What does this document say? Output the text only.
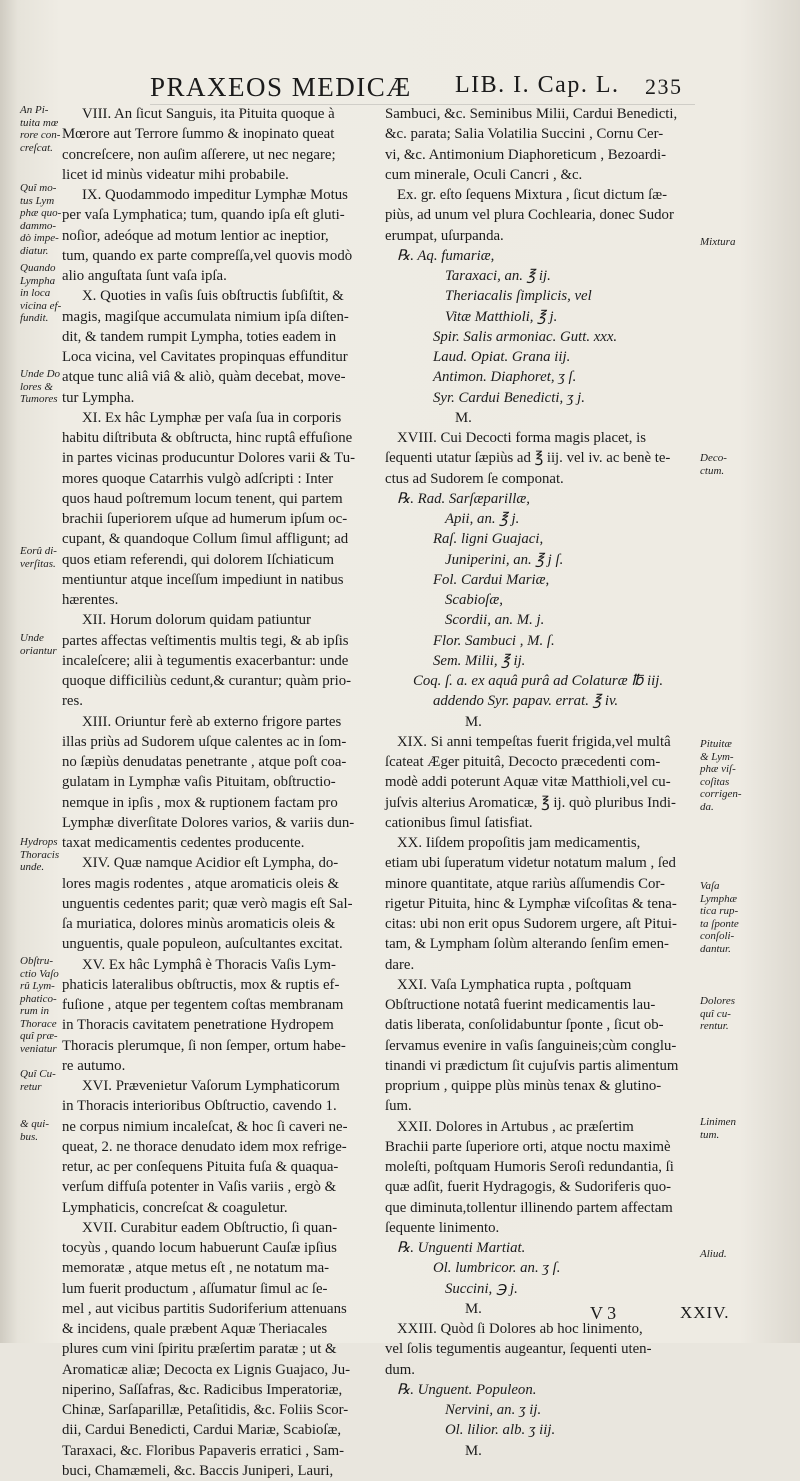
PRAXEOS MEDICÆ LIB. I. Cap. L. 235
An Pi-
tuita mœ
rore con-
creſcat.
Quî mo-
tus Lym
phæ quo-
dammo-
dò impe-
diatur.
Quando
Lympha
in loca
vicina ef-
fundit.
Unde Do
lores &
Tumores
Eorû di-
verſitas.
Unde
oriantur
Hydrops
Thoracis
unde.
Obſtru-
ctio Vaſo
rû Lym-
phatico-
rum in
Thorace
quî præ-
veniatur
Quî Cu-
retur
& qui-
bus.
VIII. An ſicut Sanguis, ita Pituita quoque à
Mœrore aut Terrore ſummo & inopinato queat
concreſcere, non auſim aſſerere, ut nec negare;
licet id minùs videatur mihi probabile.
IX. Quodammodo impeditur Lymphæ Motus
per vaſa Lymphatica; tum, quando ipſa eſt gluti-
noſior, adeóque ad motum lentior ac ineptior,
tum, quando ex parte compreſſa,vel quovis modò
alio anguſtata ſunt vaſa ipſa.
X. Quoties in vaſis ſuis obſtructis ſubſiſtit, &
magis, magiſque accumulata nimium ipſa diſten-
dit, & tandem rumpit Lympha, toties eadem in
Loca vicina, vel Cavitates propinquas effunditur
atque tunc aliâ viâ & aliò, quàm decebat, move-
tur Lympha.
XI. Ex hâc Lymphæ per vaſa ſua in corporis
habitu diſtributa & obſtructa, hinc ruptâ effuſione
in partes vicinas producuntur Dolores varii & Tu-
mores quoque Catarrhis vulgò adſcripti : Inter
quos haud poſtremum locum tenent, qui partem
brachii ſuperiorem uſque ad humerum ipſum oc-
cupant, & quandoque Collum ſimul affligunt; ad
quos etiam referendi, qui dolorem Iſchiaticum
mentiuntur atque inceſſum impediunt in natibus
hærentes.
XII. Horum dolorum quidam patiuntur
partes affectas veſtimentis multis tegi, & ab ipſis
incaleſcere; alii à tegumentis exacerbantur: unde
quoque difficiliùs cedunt,& curantur; quàm prio-
res.
XIII. Oriuntur ferè ab externo frigore partes
illas priùs ad Sudorem uſque calentes ac in ſom-
no ſæpiùs denudatas penetrante , atque poſt coa-
gulatam in Lymphæ vaſis Pituitam, obſtructio-
nemque in ipſis , mox & ruptionem factam pro
Lymphæ diverſitate Dolores varios, & variis dun-
taxat medicamentis cedentes producente.
XIV. Quæ namque Acidior eſt Lympha, do-
lores magis rodentes , atque aromaticis oleis &
unguentis cedentes parit; quæ verò magis eſt Sal-
ſa muriatica, dolores minùs aromaticis oleis &
unguentis, quale populeon, auſcultantes excitat.
XV. Ex hâc Lymphâ è Thoracis Vaſis Lym-
phaticis lateralibus obſtructis, mox & ruptis ef-
fuſione , atque per tegentem coſtas membranam
in Thoracis cavitatem penetratione Hydropem
Thoracis plerumque, ſi non ſemper, ortum habe-
re autumo.
XVI. Prævenietur Vaſorum Lymphaticorum
in Thoracis interioribus Obſtructio, cavendo 1.
ne corpus nimium incaleſcat, & hoc ſi caveri ne-
queat, 2. ne thorace denudato idem mox refrige-
retur, ac per conſequens Pituita fuſa & quaqua-
verſum diffuſa potenter in Vaſis variis , ergò &
Lymphaticis, concreſcat & coaguletur.
XVII. Curabitur eadem Obſtructio, ſi quan-
tocyùs , quando locum habuerunt Cauſæ ipſius
memoratæ , atque metus eſt , ne notatum ma-
lum fuerit productum , aſſumatur ſimul ac ſe-
mel , aut vicibus partitis Sudoriferium attenuans
& incidens, quale præbent Aquæ Theriacales
plures cum vini ſpiritu præſertim paratæ ; ut &
Aromaticæ aliæ; Decocta ex Lignis Guajaco, Ju-
niperino, Saſſafras, &c. Radicibus Imperatoriæ,
Chinæ, Sarſaparillæ, Petaſitidis, &c. Foliis Scor-
dii, Cardui Benedicti, Cardui Mariæ, Scabioſæ,
Taraxaci, &c. Floribus Papaveris erratici , Sam-
buci, Chamæmeli, &c. Baccis Juniperi, Lauri,
Sambuci, &c. Seminibus Milii, Cardui Benedicti,
&c. parata; Salia Volatilia Succini , Cornu Cer-
vi, &c. Antimonium Diaphoreticum , Bezoardi-
cum minerale, Oculi Cancri , &c.
Ex. gr. eſto ſequens Mixtura , ſicut dictum ſæ-
piùs, ad unum vel plura Cochlearia, donec Sudor
erumpat, uſurpanda.
℞. Aq. fumariæ,
Taraxaci, an. ℥ ij.
Theriacalis ſimplicis, vel
Vitæ Matthioli, ℥ j.
Spir. Salis armoniac. Gutt. xxx.
Laud. Opiat. Grana iij.
Antimon. Diaphoret, ʒ ſ.
Syr. Cardui Benedicti, ʒ j.
M.
XVIII. Cui Decocti forma magis placet, is
ſequenti utatur ſæpiùs ad ℥ iij. vel iv. ac benè te-
ctus ad Sudorem ſe componat.
℞. Rad. Sarſæparillæ,
Apii, an. ℥ j.
Raſ. ligni Guajaci,
Juniperini, an. ℥ j ſ.
Fol. Cardui Mariæ,
Scabioſæ,
Scordii, an. M. j.
Flor. Sambuci , M. ſ.
Sem. Milii, ℥ ij.
Coq. ſ. a. ex aquâ purâ ad Colaturæ ℔ iij.
addendo Syr. papav. errat. ℥ iv.
M.
XIX. Si anni tempeſtas fuerit frigida,vel multâ
ſcateat Æger pituitâ, Decocto præcedenti com-
modè addi poterunt Aquæ vitæ Matthioli,vel cu-
juſvis alterius Aromaticæ, ℥ ij. quò pluribus Indi-
cationibus ſimul ſatisfiat.
XX. Iiſdem propoſitis jam medicamentis,
etiam ubi ſuperatum videtur notatum malum , ſed
minore quantitate, atque rariùs aſſumendis Cor-
rigetur Pituita, hinc & Lymphæ viſcoſitas & tena-
citas: ubi non erit opus Sudorem urgere, aſt Pitui-
tam, & Lympham ſolùm alterando ſenſim emen-
dare.
XXI. Vaſa Lymphatica rupta , poſtquam
Obſtructione notatâ fuerint medicamentis lau-
datis liberata, conſolidabuntur ſponte , ſicut ob-
ſervamus evenire in vaſis ſanguineis;cùm conglu-
tinandi vi prædictum ſit cujuſvis partis alimentum
proprium , quippe plùs minùs tenax & glutino-
ſum.
XXII. Dolores in Artubus , ac præſertim
Brachii parte ſuperiore orti, atque noctu maximè
moleſti, poſtquam Humoris Seroſi redundantia, ſi
quæ adſit, fuerit Hydragogis, & Sudoriferis quo-
que diminuta,tollentur illinendo partem affectam
ſequente linimento.
℞. Unguenti Martiat.
Ol. lumbricor. an. ʒ ſ.
Succini, ℈ j.
M.
XXIII. Quòd ſi Dolores ab hoc linimento,
vel ſolis tegumentis augeantur, ſequenti uten-
dum.
℞. Unguent. Populeon.
Nervini, an. ʒ ij.
Ol. lilior. alb. ʒ iij.
M.
Mixtura
Deco-
ctum.
Pituitæ
& Lym-
phæ viſ-
coſitas
corrigen-
da.
Vaſa
Lymphæ
tica rup-
ta ſponte
conſoli-
dantur.
Dolores
quî cu-
rentur.
Linimen
tum.
Aliud.
V 3	XXIV.
